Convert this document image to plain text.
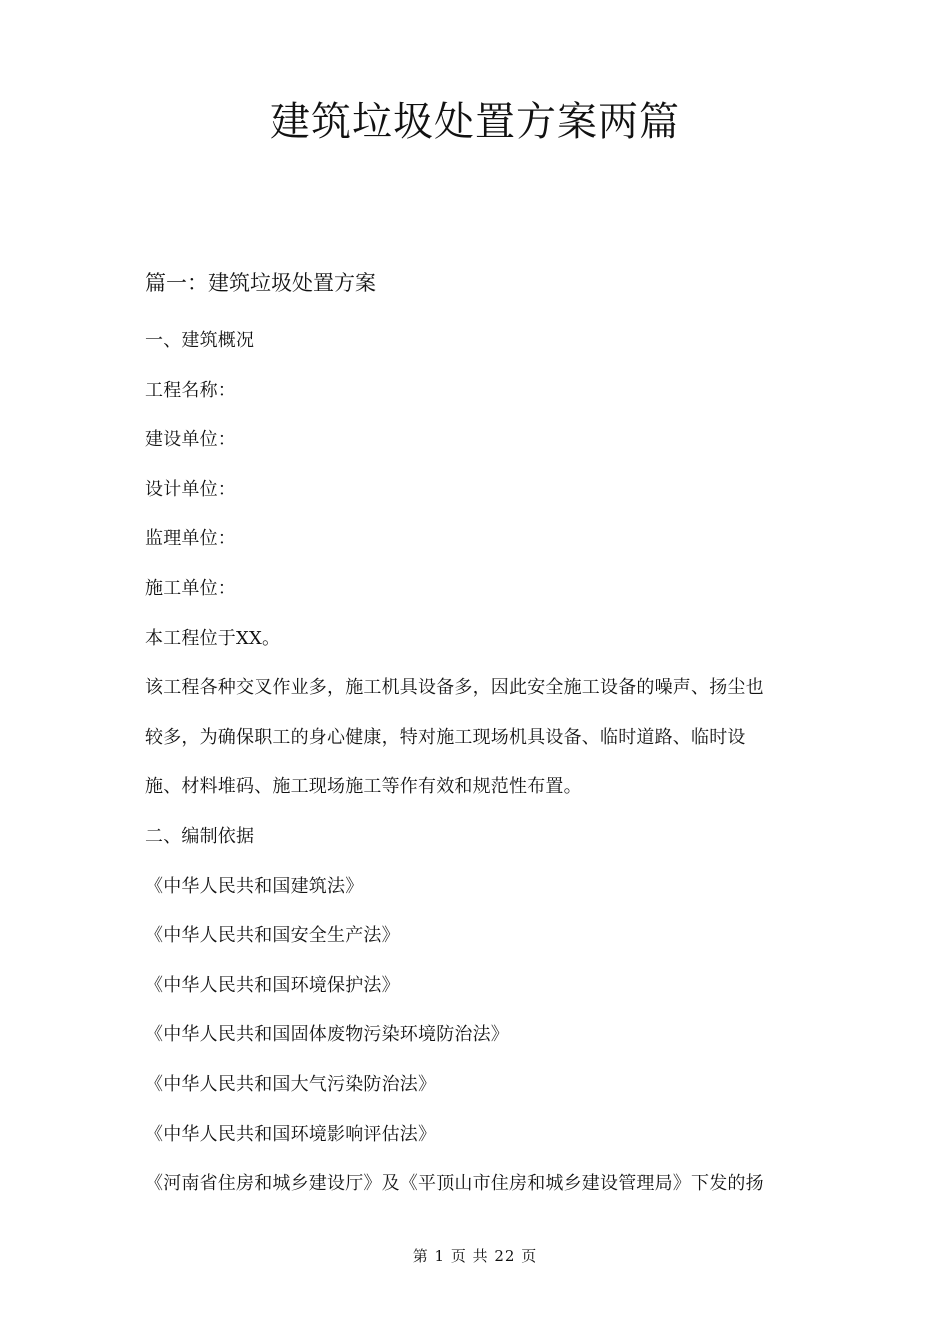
建筑垃圾处置方案两篇
篇一：建筑垃圾处置方案
一、建筑概况
工程名称：
建设单位：
设计单位：
监理单位：
施工单位：
本工程位于XX。
该工程各种交叉作业多，施工机具设备多，因此安全施工设备的噪声、扬尘也
较多，为确保职工的身心健康，特对施工现场机具设备、临时道路、临时设
施、材料堆码、施工现场施工等作有效和规范性布置。
二、编制依据
《中华人民共和国建筑法》
《中华人民共和国安全生产法》
《中华人民共和国环境保护法》
《中华人民共和国固体废物污染环境防治法》
《中华人民共和国大气污染防治法》
《中华人民共和国环境影响评估法》
《河南省住房和城乡建设厅》及《平顶山市住房和城乡建设管理局》下发的扬
第 1 页 共 22 页
